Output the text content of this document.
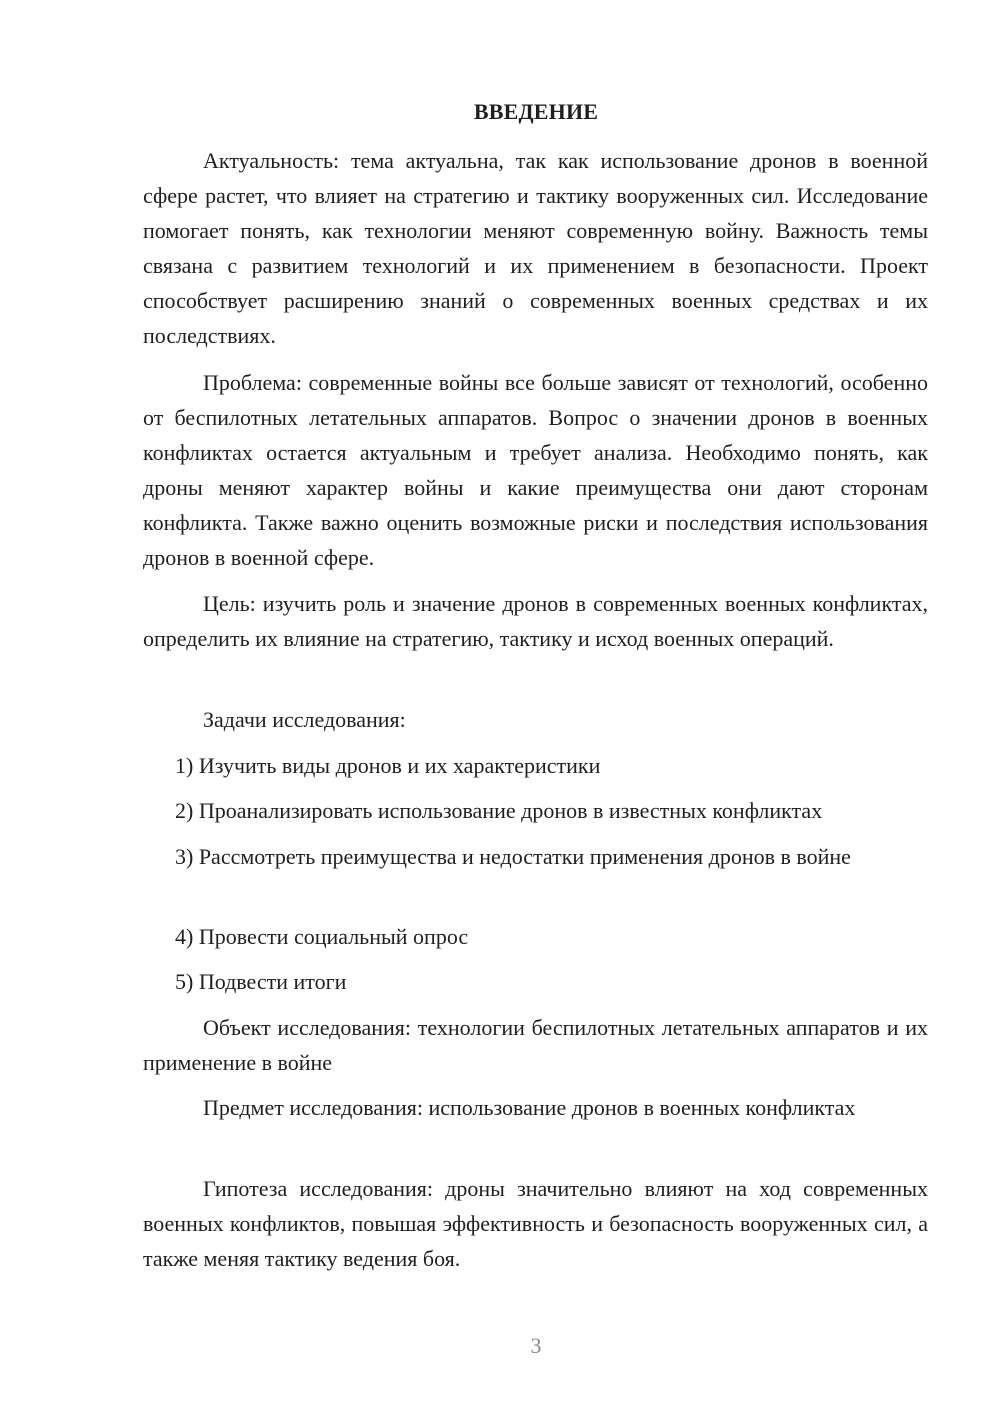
ВВЕДЕНИЕ

Актуальность: тема актуальна, так как использование дронов в военной сфере растет, что влияет на стратегию и тактику вооруженных сил. Исследование помогает понять, как технологии меняют современную войну. Важность темы связана с развитием технологий и их применением в безопасности. Проект способствует расширению знаний о современных военных средствах и их последствиях.

Проблема: современные войны все больше зависят от технологий, особенно от беспилотных летательных аппаратов. Вопрос о значении дронов в военных конфликтах остается актуальным и требует анализа. Необходимо понять, как дроны меняют характер войны и какие преимущества они дают сторонам конфликта. Также важно оценить возможные риски и последствия использования дронов в военной сфере.

Цель: изучить роль и значение дронов в современных военных конфликтах, определить их влияние на стратегию, тактику и исход военных операций.

Задачи исследования:

1) Изучить виды дронов и их характеристики

2) Проанализировать использование дронов в известных конфликтах

3) Рассмотреть преимущества и недостатки применения дронов в войне

4) Провести социальный опрос

5) Подвести итоги

Объект исследования: технологии беспилотных летательных аппаратов и их применение в войне

Предмет исследования: использование дронов в военных конфликтах

Гипотеза исследования: дроны значительно влияют на ход современных военных конфликтов, повышая эффективность и безопасность вооруженных сил, а также меняя тактику ведения боя.

3
